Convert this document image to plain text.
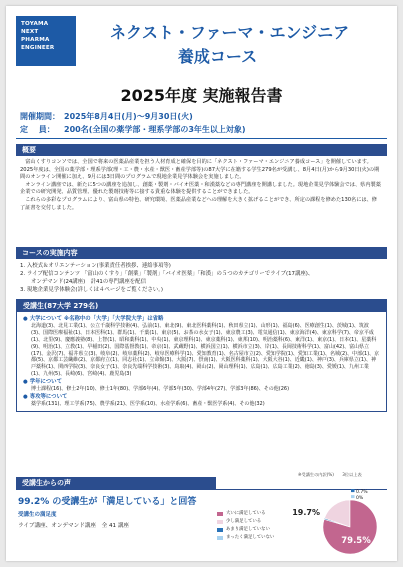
TOYAMA
NEXT
PHARMA
ENGINEER
ネクスト・ファーマ・エンジニア
養成コース
2025年度 実施報告書
開催期間： 2025年8月4日(月)～9月30日(火)
定　 員：	200名(全国の薬学部・理系学部の3年生以上対象)
概要

富山くすりコンソでは、全国で将来の医薬品産業を担う人材育成と確保を目的に「ネクスト・ファーマ・エンジニア養成コース」を開催しています。2025年度は、全国の薬学部・理系学部(理・工・農・水産・獣医・畜産学部等)の87大学に在籍する学生279名が受講し、8月4日(月)から9月30日(火)の期間のオンライン開催に加え、9月には3日間のプログラムで現地企業見学体験会を実施しました。

オンライン講座では、新たに5つの講座を追加し、創薬・製剤・バイオ医薬・和漢薬などの専門講座を開講しました。現地企業見学体験会では、県内製薬企業での研究開発、品質管理、優れた製剤技術等に接する貴重な体験を提供することができました。

これらの多彩なプログラムにより、富山県の特色、研究環境、医薬品産業などへの理解を大きく拡げることができ、所定の課程を修めた130名には、修了証書を交付しました。

コースの実施内容
1. 入校式＆オリエンテーション(事業責任者挨拶、連絡事項等)
2. ライブ配信コンテンツ 「富山のくすり」「創薬」「製剤」「バイオ医薬」「和漢」の５つのカテゴリーでライブ(17講座)、
オンデマンド(24講座)　計41の専門講座を配信
3. 現地企業見学体験会(詳しくは４ページをご覧ください。)
受講生(87大学 279名)
● 大学について ※名称中の「大学」「大学院大学」は省略
北海道(3)、北見工業(1)、公立千歳科学技術(4)、弘前(1)、東北(9)、東北医科薬科(1)、秋田県立(1)、山形(1)、福島(6)、医療創生(1)、茨城(1)、筑波(3)、国際医療福祉(1)、日本医科(1)、群馬(1)、千葉(1)、東京(5)、お茶の水女子(1)、東京農工(3)、電気通信(1)、東京海洋(4)、東京科学(7)、帝京平成(1)、北里(9)、慶應義塾(8)、上智(1)、昭和薬科(1)、中央(1)、東京理科(1)、東京薬科(1)、東邦(10)、明治薬科(6)、東洋(1)、東京(1)、日本(1)、星薬科(9)、明治(1)、立教(1)、早稲田(2)、国際基督教(1)、帝京(1)、武蔵野(1)、横浜国立(1)、横浜市立(3)、岸(1)、長岡技術科学(1)、富山(42)、富山県立(17)、金沢(7)、福井県立(3)、岐阜(2)、岐阜薬科(2)、岐阜医療科学(1)、愛知教育(1)、名古屋市立(2)、愛知学院(1)、愛知工業(1)、名城(2)、中部(1)、京都(5)、京都工芸繊維(2)、京都府立(1)、同志社(1)、立命館(3)、大阪(7)、摂南(1)、大阪医科薬科(1)、大阪大谷(1)、近畿(1)、神戸(3)、兵庫県立(1)、神戸薬科(1)、関西学院(3)、奈良女子(1)、奈良先端科学技術(3)、鳥取(4)、岡山(2)、岡山理科(1)、広島(1)、広島工業(2)、徳島(3)、愛媛(1)、九州工業(1)、九州(5)、長崎(6)、宮崎(4)、鹿児島(3)
● 学年について
博士課程(16)、修士2年(10)、修士1年(80)、学部6年(4)、学部5年(30)、学部4年(27)、学部3年(86)、その他(26)
● 専攻等について
薬学系(131)、理工学系(75)、農学系(21)、医学系(10)、水産学系(6)、畜産・獣医学系(4)、その他(32)
※受講生の内訳(%)　　3位以上表
受講生からの声
99.2% の受講生が「満足している」と回答
受講生の満足度
ライブ講座、オンデマンド講座　全 41 講座
大いに満足している
少し満足している
あまり満足していない
まったく満足していない	79.5%
19.7%
0.7%
0%
